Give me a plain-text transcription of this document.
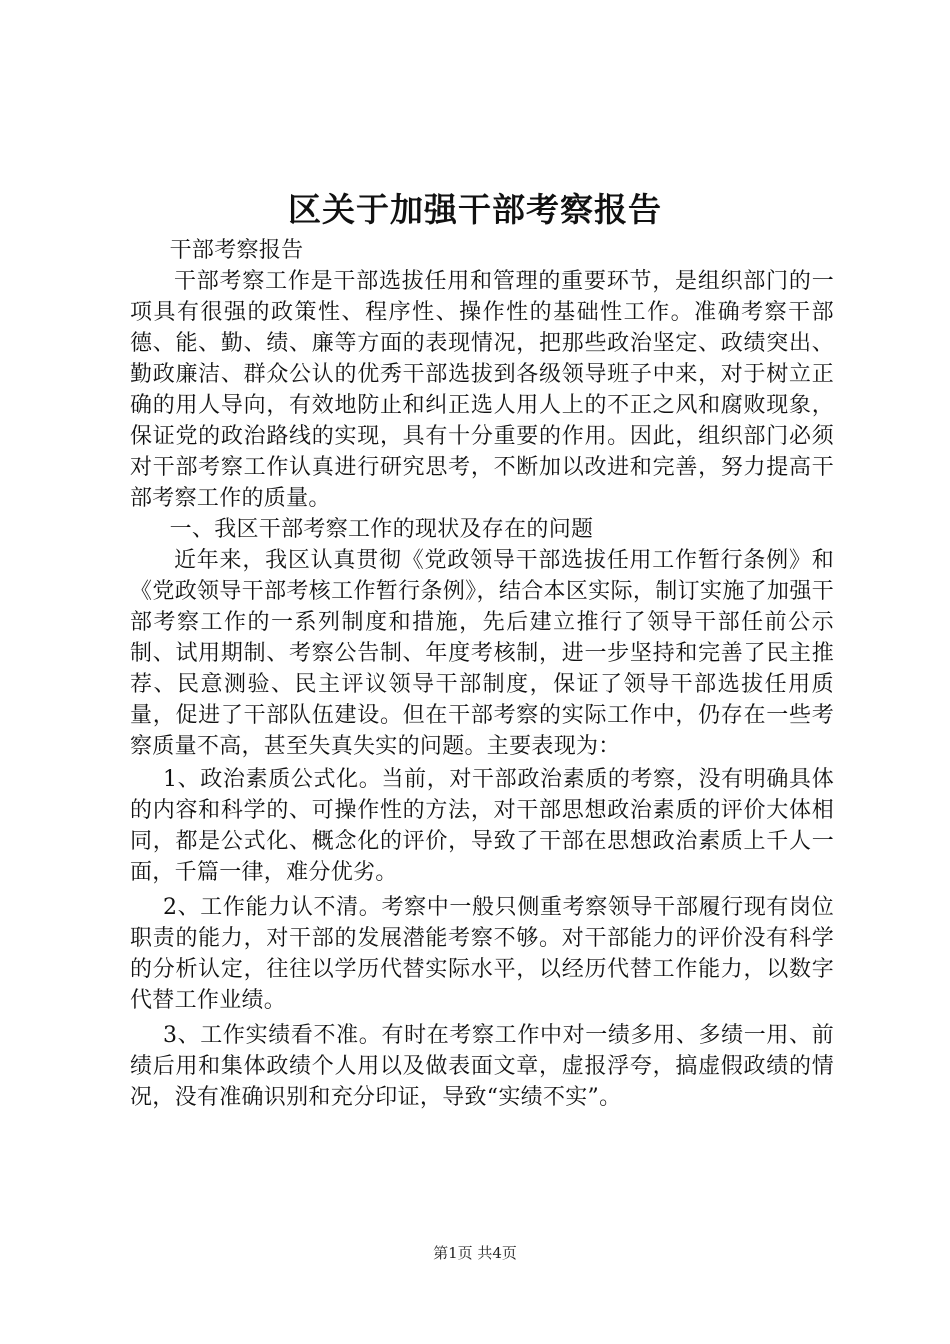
区关于加强干部考察报告

干部考察报告

干部考察工作是干部选拔任用和管理的重要环节，是组织部门的一项具有很强的政策性、程序性、操作性的基础性工作。准确考察干部德、能、勤、绩、廉等方面的表现情况，把那些政治坚定、政绩突出、勤政廉洁、群众公认的优秀干部选拔到各级领导班子中来，对于树立正确的用人导向，有效地防止和纠正选人用人上的不正之风和腐败现象，保证党的政治路线的实现，具有十分重要的作用。因此，组织部门必须对干部考察工作认真进行研究思考，不断加以改进和完善，努力提高干部考察工作的质量。

一、我区干部考察工作的现状及存在的问题

近年来，我区认真贯彻《党政领导干部选拔任用工作暂行条例》和《党政领导干部考核工作暂行条例》，结合本区实际，制订实施了加强干部考察工作的一系列制度和措施，先后建立推行了领导干部任前公示制、试用期制、考察公告制、年度考核制，进一步坚持和完善了民主推荐、民意测验、民主评议领导干部制度，保证了领导干部选拔任用质量，促进了干部队伍建设。但在干部考察的实际工作中，仍存在一些考察质量不高，甚至失真失实的问题。主要表现为：

1、政治素质公式化。当前，对干部政治素质的考察，没有明确具体的内容和科学的、可操作性的方法，对干部思想政治素质的评价大体相同，都是公式化、概念化的评价，导致了干部在思想政治素质上千人一面，千篇一律，难分优劣。

2、工作能力认不清。考察中一般只侧重考察领导干部履行现有岗位职责的能力，对干部的发展潜能考察不够。对干部能力的评价没有科学的分析认定，往往以学历代替实际水平，以经历代替工作能力，以数字代替工作业绩。

3、工作实绩看不准。有时在考察工作中对一绩多用、多绩一用、前绩后用和集体政绩个人用以及做表面文章，虚报浮夸，搞虚假政绩的情况，没有准确识别和充分印证，导致“实绩不实”。

第1页 共4页
